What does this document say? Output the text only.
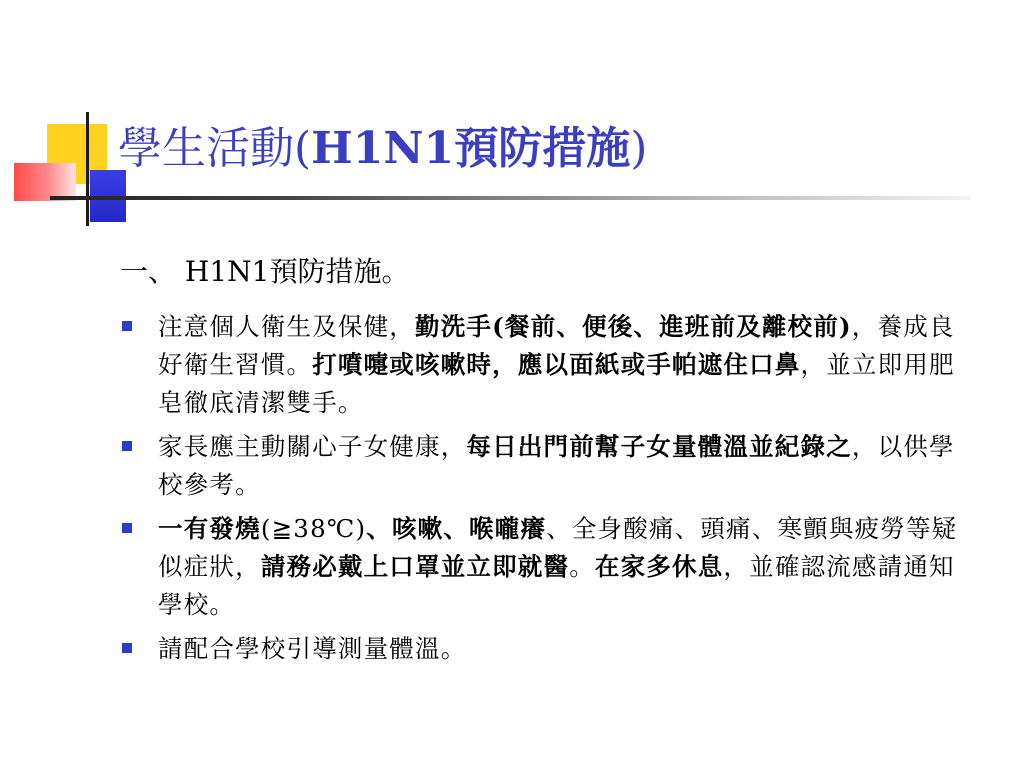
學生活動(H1N1預防措施)
一、 H1N1預防措施。
注意個人衛生及保健，勤洗手(餐前、便後、進班前及離校前)，養成良好衛生習慣。打噴嚏或咳嗽時，應以面紙或手帕遮住口鼻，並立即用肥皂徹底清潔雙手。
家長應主動關心子女健康，每日出門前幫子女量體溫並紀錄之，以供學校參考。
一有發燒(≧38℃)、咳嗽、喉嚨癢、全身酸痛、頭痛、寒顫與疲勞等疑似症狀，請務必戴上口罩並立即就醫。在家多休息，並確認流感請通知學校。
請配合學校引導測量體溫。
